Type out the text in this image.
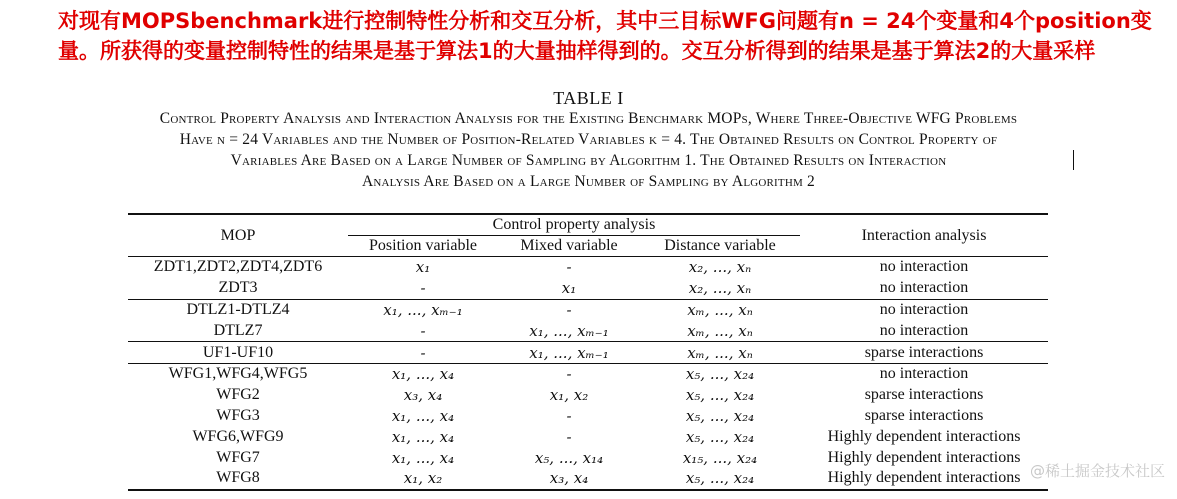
对现有MOPSbenchmark进行控制特性分析和交互分析，其中三目标WFG问题有n = 24个变量和4个position变量。所获得的变量控制特性的结果是基于算法1的大量抽样得到的。交互分析得到的结果是基于算法2的大量采样
TABLE I
Control Property Analysis and Interaction Analysis for the Existing Benchmark MOPs, Where Three-Objective WFG Problems
Have n = 24 Variables and the Number of Position-Related Variables k = 4. The Obtained Results on Control Property of
Variables Are Based on a Large Number of Sampling by Algorithm 1. The Obtained Results on Interaction
Analysis Are Based on a Large Number of Sampling by Algorithm 2
MOP	Control property analysis			Interaction analysis
	Position variable	Mixed variable	Distance variable	
ZDT1,ZDT2,ZDT4,ZDT6	x₁	-	x₂, ..., xₙ	no interaction
ZDT3	-	x₁	x₂, ..., xₙ	no interaction
DTLZ1-DTLZ4	x₁, ..., xₘ₋₁	-	xₘ, ..., xₙ	no interaction
DTLZ7	-	x₁, ..., xₘ₋₁	xₘ, ..., xₙ	no interaction
UF1-UF10	-	x₁, ..., xₘ₋₁	xₘ, ..., xₙ	sparse interactions
WFG1,WFG4,WFG5	x₁, ..., x₄	-	x₅, ..., x₂₄	no interaction
WFG2	x₃, x₄	x₁, x₂	x₅, ..., x₂₄	sparse interactions
WFG3	x₁, ..., x₄	-	x₅, ..., x₂₄	sparse interactions
WFG6,WFG9	x₁, ..., x₄	-	x₅, ..., x₂₄	Highly dependent interactions
WFG7	x₁, ..., x₄	x₅, ..., x₁₄	x₁₅, ..., x₂₄	Highly dependent interactions
WFG8	x₁, x₂	x₃, x₄	x₅, ..., x₂₄	Highly dependent interactions @稀土掘金技术社区
